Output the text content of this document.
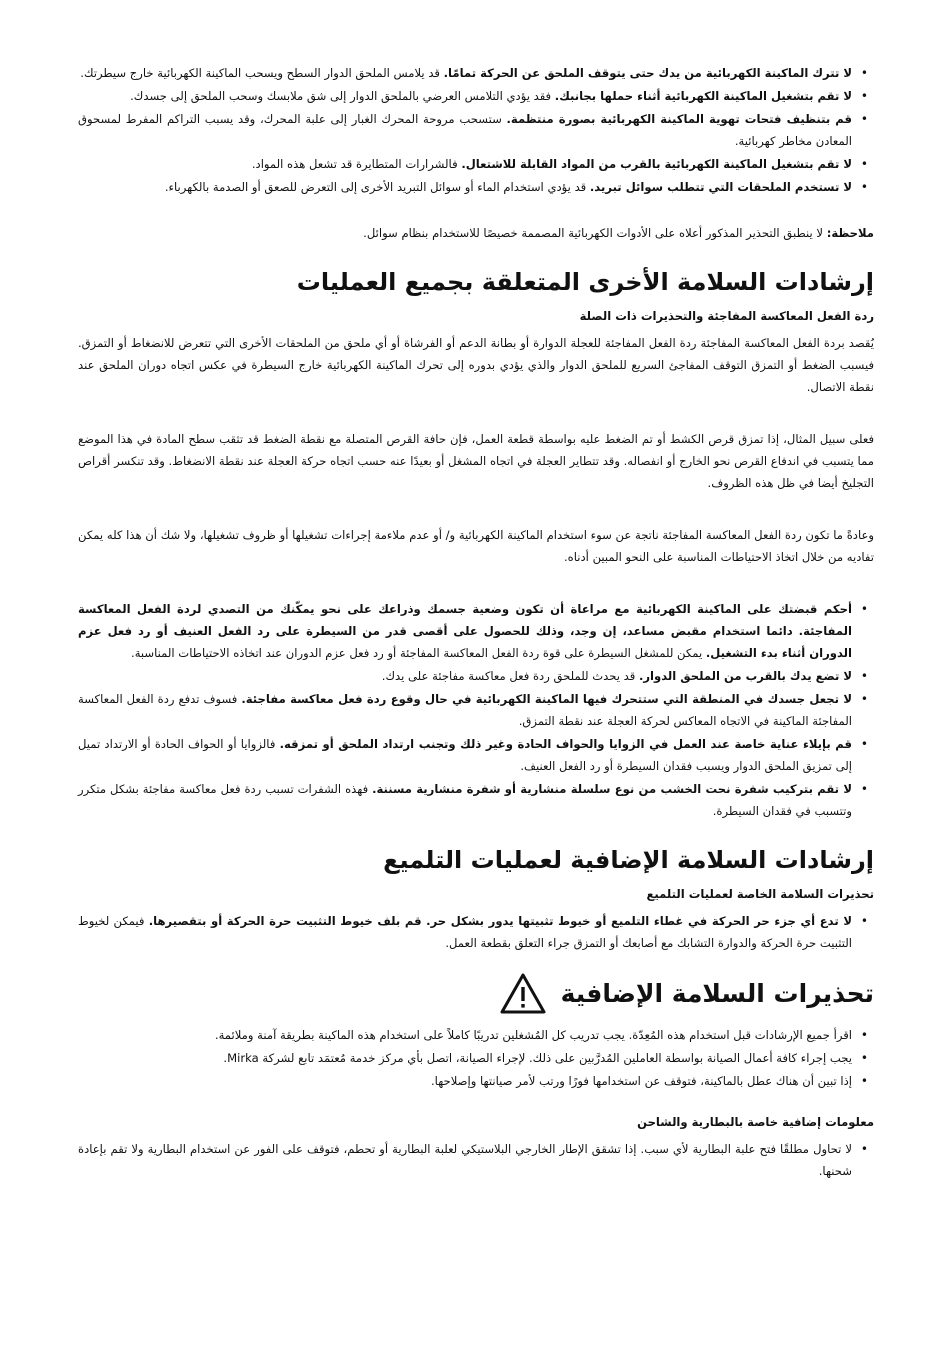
• لا تترك الماكينة الكهربائية من يدك حتى يتوقف الملحق عن الحركة تمامًا. قد يلامس الملحق الدوار السطح ويسحب الماكينة الكهربائية خارج سيطرتك.
• لا تقم بتشغيل الماكينة الكهربائية أثناء حملها بجانبك. فقد يؤدي التلامس العرضي بالملحق الدوار إلى شق ملابسك وسحب الملحق إلى جسدك.
• قم بتنظيف فتحات تهوية الماكينة الكهربائية بصورة منتظمة. ستسحب مروحة المحرك الغبار إلى علبة المحرك، وقد يسبب التراكم المفرط لمسحوق المعادن مخاطر كهربائية.
• لا تقم بتشغيل الماكينة الكهربائية بالقرب من المواد القابلة للاشتعال. فالشرارات المتطايرة قد تشعل هذه المواد.
• لا تستخدم الملحقات التي تتطلب سوائل تبريد. قد يؤدي استخدام الماء أو سوائل التبريد الأخرى إلى التعرض للصعق أو الصدمة بالكهرباء.

ملاحظة: لا ينطبق التحذير المذكور أعلاه على الأدوات الكهربائية المصممة خصيصًا للاستخدام بنظام سوائل.

إرشادات السلامة الأخرى المتعلقة بجميع العمليات
ردة الفعل المعاكسة المفاجئة والتحذيرات ذات الصلة

يُقصد بردة الفعل المعاكسة المفاجئة ردة الفعل المفاجئة للعجلة الدوارة أو بطانة الدعم أو الفرشاة أو أي ملحق من الملحقات الأخرى التي تتعرض للانضغاط أو التمزق. فيسبب الضغط أو التمزق التوقف المفاجئ السريع للملحق الدوار والذي يؤدي بدوره إلى تحرك الماكينة الكهربائية خارج السيطرة في عكس اتجاه دوران الملحق عند نقطة الاتصال.

فعلى سبيل المثال، إذا تمزق قرص الكشط أو تم الضغط عليه بواسطة قطعة العمل، فإن حافة القرص المتصلة مع نقطة الضغط قد تثقب سطح المادة في هذا الموضع مما يتسبب في اندفاع القرص نحو الخارج أو انفصاله. وقد تتطاير العجلة في اتجاه المشغل أو بعيدًا عنه حسب اتجاه حركة العجلة عند نقطة الانضغاط. وقد تنكسر أقراص التجليخ أيضا في ظل هذه الظروف.

وعادةً ما تكون ردة الفعل المعاكسة المفاجئة ناتجة عن سوء استخدام الماكينة الكهربائية و/ أو عدم ملاءمة إجراءات تشغيلها أو ظروف تشغيلها، ولا شك أن هذا كله يمكن تفاديه من خلال اتخاذ الاحتياطات المناسبة على النحو المبين أدناه.

• أحكم قبضتك على الماكينة الكهربائية مع مراعاة أن تكون وضعية جسمك وذراعك على نحو يمكّنك من التصدي لردة الفعل المعاكسة المفاجئة. دائما استخدام مقبض مساعد، إن وجد، وذلك للحصول على أقصى قدر من السيطرة على رد الفعل العنيف أو رد فعل عزم الدوران أثناء بدء التشغيل. يمكن للمشغل السيطرة على قوة ردة الفعل المعاكسة المفاجئة أو رد فعل عزم الدوران عند اتخاذه الاحتياطات المناسبة.
• لا تضع يدك بالقرب من الملحق الدوار. قد يحدث للملحق ردة فعل معاكسة مفاجئة على يدك.
• لا تجعل جسدك في المنطقة التي ستتحرك فيها الماكينة الكهربائية في حال وقوع ردة فعل معاكسة مفاجئة. فسوف تدفع ردة الفعل المعاكسة المفاجئة الماكينة في الاتجاه المعاكس لحركة العجلة عند نقطة التمزق.
• قم بإيلاء عناية خاصة عند العمل في الزوايا والحواف الحادة وغير ذلك وتجنب ارتداد الملحق أو تمزقه. فالزوايا أو الحواف الحادة أو الارتداد تميل إلى تمزيق الملحق الدوار ويسبب فقدان السيطرة أو رد الفعل العنيف.
• لا تقم بتركيب شفرة نحت الخشب من نوع سلسلة منشارية أو شفرة منشارية مسننة. فهذه الشفرات تسبب ردة فعل معاكسة مفاجئة بشكل متكرر وتتسبب في فقدان السيطرة.
إرشادات السلامة الإضافية لعمليات التلميع
تحذيرات السلامة الخاصة لعمليات التلميع
• لا تدع أي جزء حر الحركة في غطاء التلميع أو خيوط تثبيتها يدور بشكل حر. قم بلف خيوط التثبيت حرة الحركة أو بتقصيرها. فيمكن لخيوط التثبيت حرة الحركة والدوارة التشابك مع أصابعك أو التمزق جراء التعلق بقطعة العمل.
تحذيرات السلامة الإضافية
• اقرأ جميع الإرشادات قبل استخدام هذه المُعِدّة. يجب تدريب كل المُشغلين تدريبًا كاملاً على استخدام هذه الماكينة بطريقة آمنة وملائمة.
• يجب إجراء كافة أعمال الصيانة بواسطة العاملين المُدرَّبين على ذلك. لإجراء الصيانة، اتصل بأي مركز خدمة مُعتمَد تابع لشركة Mirka.
• إذا تبين أن هناك عطل بالماكينة، فتوقف عن استخدامها فورًا ورتب لأمر صيانتها وإصلاحها.
معلومات إضافية خاصة بالبطارية والشاحن
• لا تحاول مطلقًا فتح علبة البطارية لأي سبب. إذا تشقق الإطار الخارجي البلاستيكي لعلبة البطارية أو تحطم، فتوقف على الفور عن استخدام البطارية ولا تقم بإعادة شحنها.
